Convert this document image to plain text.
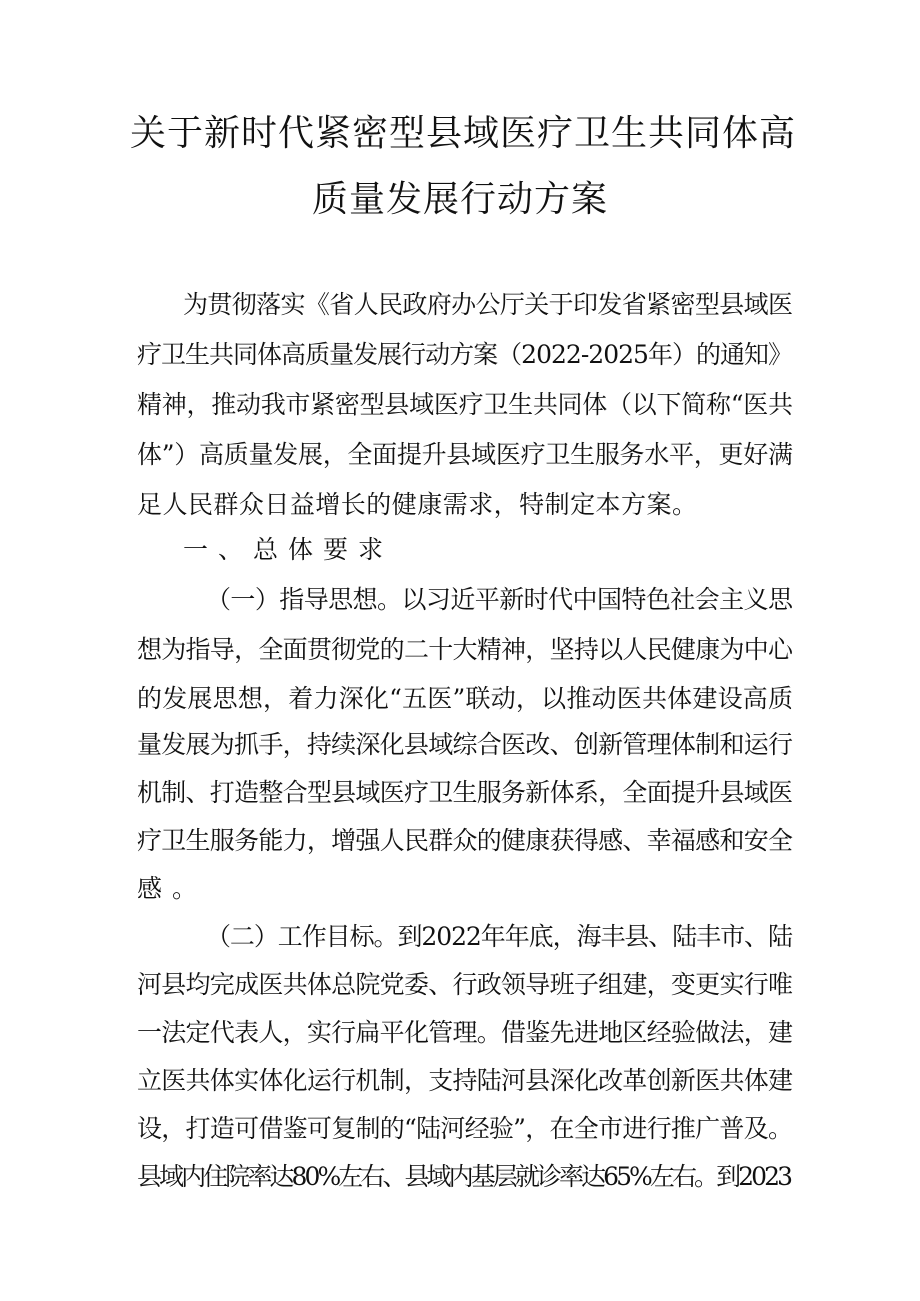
关于新时代紧密型县域医疗卫生共同体高
质量发展行动方案
为贯彻落实《省人民政府办公厅关于印发省紧密型县域医
疗卫生共同体高质量发展行动方案（2022-2025年）的通知》
精神，推动我市紧密型县域医疗卫生共同体（以下简称“医共
体”）高质量发展，全面提升县域医疗卫生服务水平，更好满
足人民群众日益增长的健康需求，特制定本方案。
一、总体要求
（一）指导思想。以习近平新时代中国特色社会主义思
想为指导，全面贯彻党的二十大精神，坚持以人民健康为中心
的发展思想，着力深化“五医”联动，以推动医共体建设高质
量发展为抓手，持续深化县域综合医改、创新管理体制和运行
机制、打造整合型县域医疗卫生服务新体系，全面提升县域医
疗卫生服务能力，增强人民群众的健康获得感、幸福感和安全
感。
（二）工作目标。到2022年年底，海丰县、陆丰市、陆
河县均完成医共体总院党委、行政领导班子组建，变更实行唯
一法定代表人，实行扁平化管理。借鉴先进地区经验做法，建
立医共体实体化运行机制，支持陆河县深化改革创新医共体建
设，打造可借鉴可复制的“陆河经验”，在全市进行推广普及。
县域内住院率达80%左右、县域内基层就诊率达65%左右。到2023
